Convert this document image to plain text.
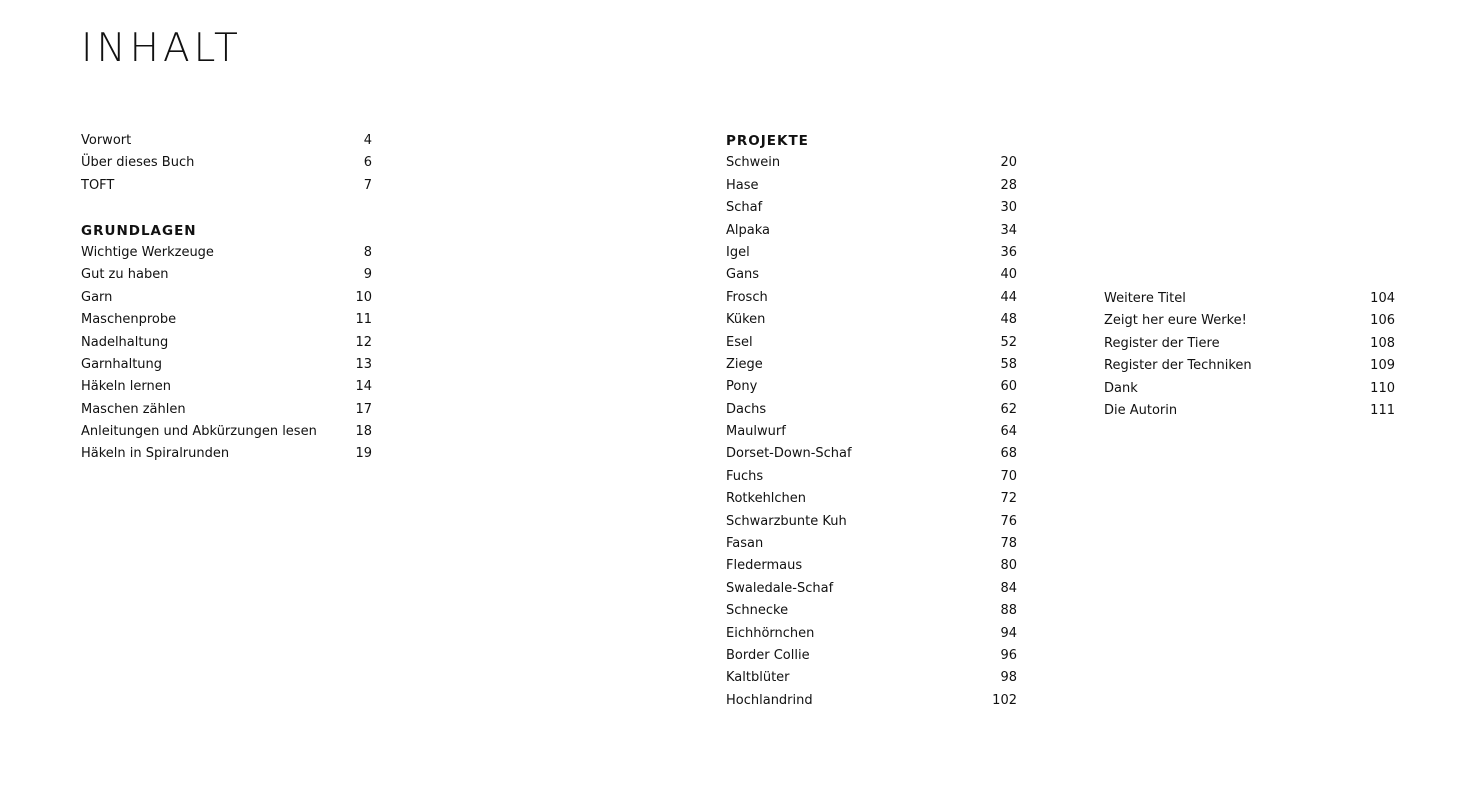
INHALT
Vorwort	4
Über dieses Buch	6
TOFT	7
GRUNDLAGEN
Wichtige Werkzeuge	8
Gut zu haben	9
Garn	10
Maschenprobe	11
Nadelhaltung	12
Garnhaltung	13
Häkeln lernen	14
Maschen zählen	17
Anleitungen und Abkürzungen lesen	18
Häkeln in Spiralrunden	19
PROJEKTE
Schwein	20
Hase	28
Schaf	30
Alpaka	34
Igel	36
Gans	40
Frosch	44
Küken	48
Esel	52
Ziege	58
Pony	60
Dachs	62
Maulwurf	64
Dorset-Down-Schaf	68
Fuchs	70
Rotkehlchen	72
Schwarzbunte Kuh	76
Fasan	78
Fledermaus	80
Swaledale-Schaf	84
Schnecke	88
Eichhörnchen	94
Border Collie	96
Kaltblüter	98
Hochlandrind	102
Weitere Titel	104
Zeigt her eure Werke!	106
Register der Tiere	108
Register der Techniken	109
Dank	110
Die Autorin	111
